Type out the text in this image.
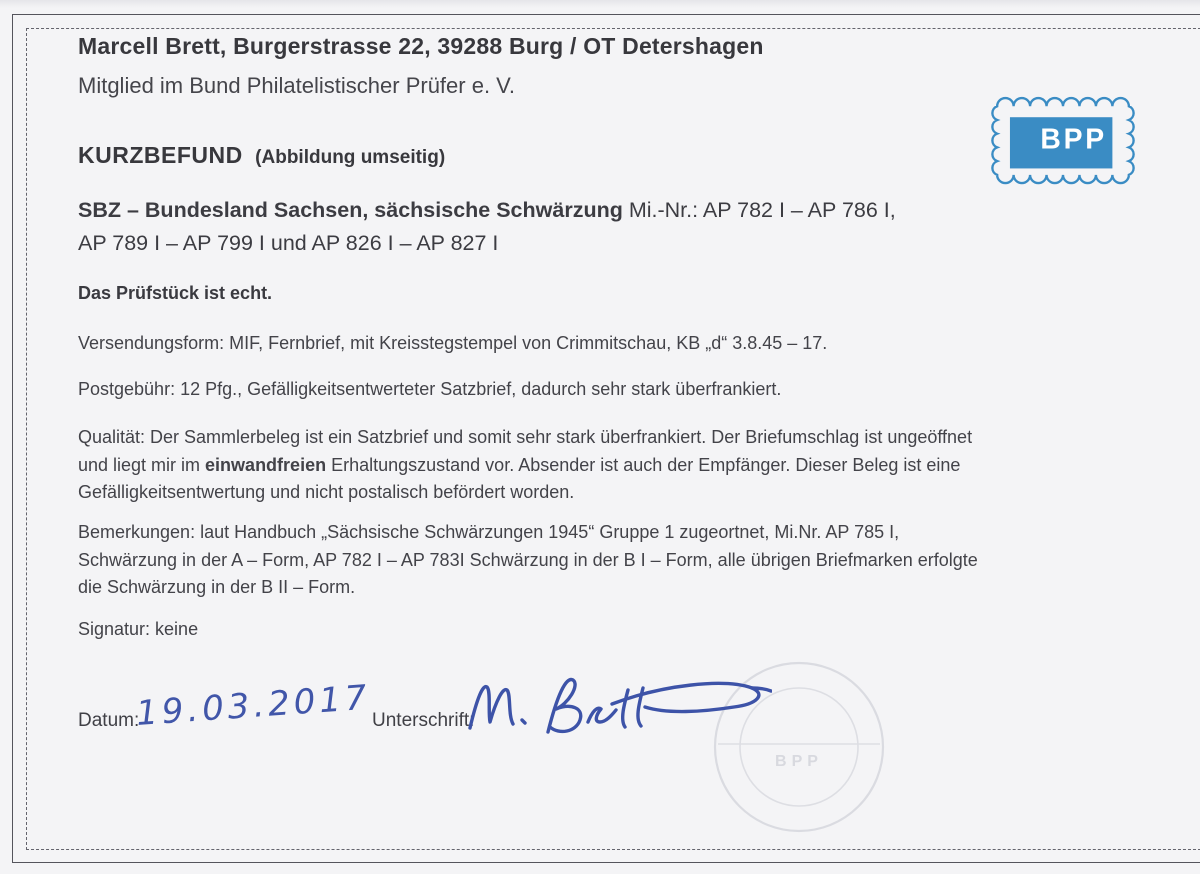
Marcell Brett, Burgerstrasse 22, 39288 Burg / OT Detershagen
Mitglied im Bund Philatelistischer Prüfer e. V.
BPP
KURZBEFUND (Abbildung umseitig)
SBZ – Bundesland Sachsen, sächsische Schwärzung Mi.-Nr.: AP 782 I – AP 786 I,
AP 789 I – AP 799 I und AP 826 I – AP 827 I
Das Prüfstück ist echt.
Versendungsform: MIF, Fernbrief, mit Kreisstegstempel von Crimmitschau, KB „d“ 3.8.45 – 17.
Postgebühr: 12 Pfg., Gefälligkeitsentwerteter Satzbrief, dadurch sehr stark überfrankiert.
Qualität: Der Sammlerbeleg ist ein Satzbrief und somit sehr stark überfrankiert. Der Briefumschlag ist ungeöffnet
und liegt mir im einwandfreien Erhaltungszustand vor. Absender ist auch der Empfänger. Dieser Beleg ist eine
Gefälligkeitsentwertung und nicht postalisch befördert worden.
Bemerkungen: laut Handbuch „Sächsische Schwärzungen 1945“ Gruppe 1 zugeortnet, Mi.Nr. AP 785 I,
Schwärzung in der A – Form, AP 782 I – AP 783I Schwärzung in der B I – Form, alle übrigen Briefmarken erfolgte
die Schwärzung in der B II – Form.
Signatur: keine
BPP
Datum:
19.03.2017 Unterschrift:
